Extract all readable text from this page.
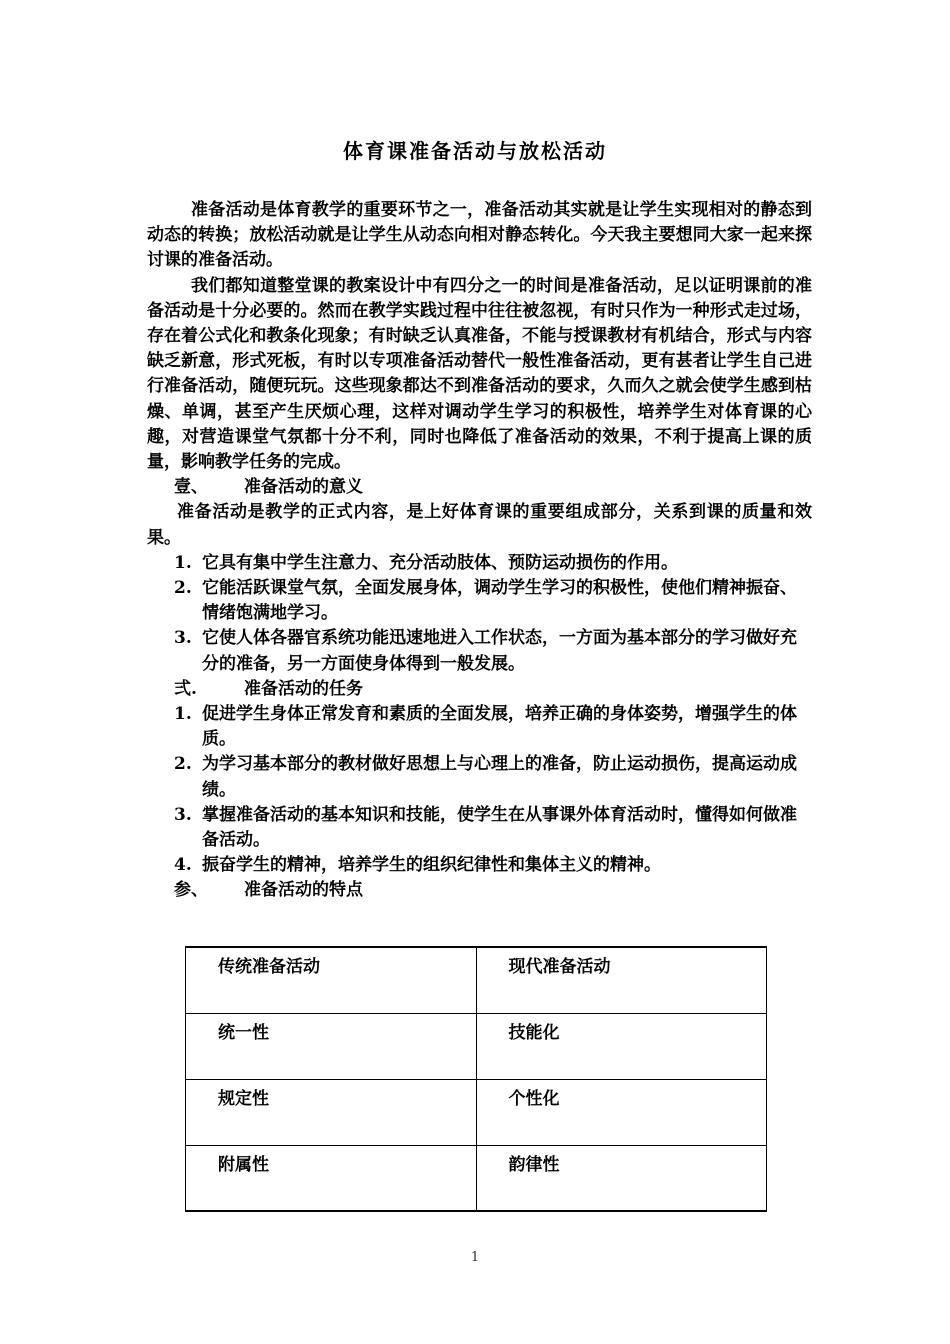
体育课准备活动与放松活动

准备活动是体育教学的重要环节之一，准备活动其实就是让学生实现相对的静态到动态的转换；放松活动就是让学生从动态向相对静态转化。今天我主要想同大家一起来探讨课的准备活动。

我们都知道整堂课的教案设计中有四分之一的时间是准备活动，足以证明课前的准备活动是十分必要的。然而在教学实践过程中往往被忽视，有时只作为一种形式走过场，存在着公式化和教条化现象；有时缺乏认真准备，不能与授课教材有机结合，形式与内容缺乏新意，形式死板，有时以专项准备活动替代一般性准备活动，更有甚者让学生自己进行准备活动，随便玩玩。这些现象都达不到准备活动的要求，久而久之就会使学生感到枯燥、单调，甚至产生厌烦心理，这样对调动学生学习的积极性，培养学生对体育课的心趣，对营造课堂气氛都十分不利，同时也降低了准备活动的效果，不利于提高上课的质量，影响教学任务的完成。

壹、 准备活动的意义

准备活动是教学的正式内容，是上好体育课的重要组成部分，关系到课的质量和效果。

1. 它具有集中学生注意力、充分活动肢体、预防运动损伤的作用。
2. 它能活跃课堂气氛，全面发展身体，调动学生学习的积极性，使他们精神振奋、情绪饱满地学习。
3. 它使人体各器官系统功能迅速地进入工作状态，一方面为基本部分的学习做好充分的准备，另一方面使身体得到一般发展。

弍.	准备活动的任务

1. 促进学生身体正常发育和素质的全面发展，培养正确的身体姿势，增强学生的体质。
2. 为学习基本部分的教材做好思想上与心理上的准备，防止运动损伤，提高运动成绩。
3. 掌握准备活动的基本知识和技能，使学生在从事课外体育活动时，懂得如何做准备活动。
4. 振奋学生的精神，培养学生的组织纪律性和集体主义的精神。

参、 准备活动的特点

传统准备活动	现代准备活动
统一性	技能化
规定性	个性化
附属性	韵律性
1
